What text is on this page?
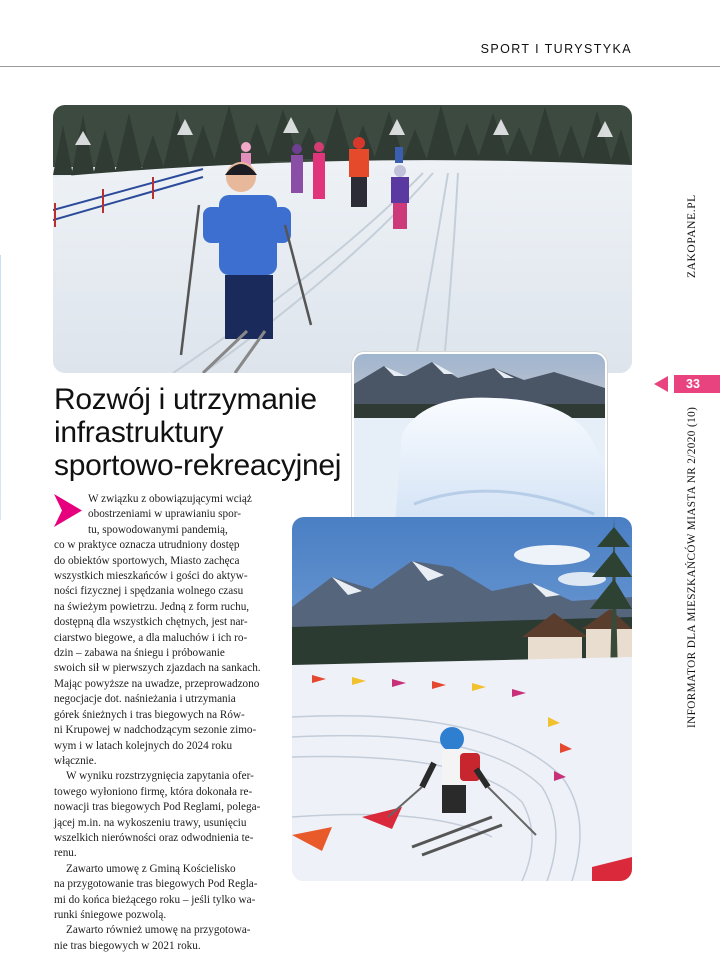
SPORT I TURYSTYKA
Rozwój i utrzymanie
infrastruktury
sportowo-rekreacyjnej

W związku z obowiązującymi wciąż
obostrzeniami w uprawianiu spor-
tu, spowodowanymi pandemią,
co w praktyce oznacza utrudniony dostęp
do obiektów sportowych, Miasto zachęca
wszystkich mieszkańców i gości do aktyw-
ności fizycznej i spędzania wolnego czasu
na świeżym powietrzu. Jedną z form ruchu,
dostępną dla wszystkich chętnych, jest nar-
ciarstwo biegowe, a dla maluchów i ich ro-
dzin – zabawa na śniegu i próbowanie
swoich sił w pierwszych zjazdach na sankach.
Mając powyższe na uwadze, przeprowadzono
negocjacje dot. naśnieżania i utrzymania
górek śnieżnych i tras biegowych na Rów-
ni Krupowej w nadchodzącym sezonie zimo-
wym i w latach kolejnych do 2024 roku
włącznie.

W wyniku rozstrzygnięcia zapytania ofer-
towego wyłoniono firmę, która dokonała re-
nowacji tras biegowych Pod Reglami, polega-
jącej m.in. na wykoszeniu trawy, usunięciu
wszelkich nierówności oraz odwodnienia te-
renu.

Zawarto umowę z Gminą Kościelisko
na przygotowanie tras biegowych Pod Regla-
mi do końca bieżącego roku – jeśli tylko wa-
runki śniegowe pozwolą.

Zawarto również umowę na przygotowa-
nie tras biegowych w 2021 roku.

ZAKOPANE.PL
33
INFORMATOR DLA MIESZKAŃCÓW MIASTA NR 2/2020 (10)
